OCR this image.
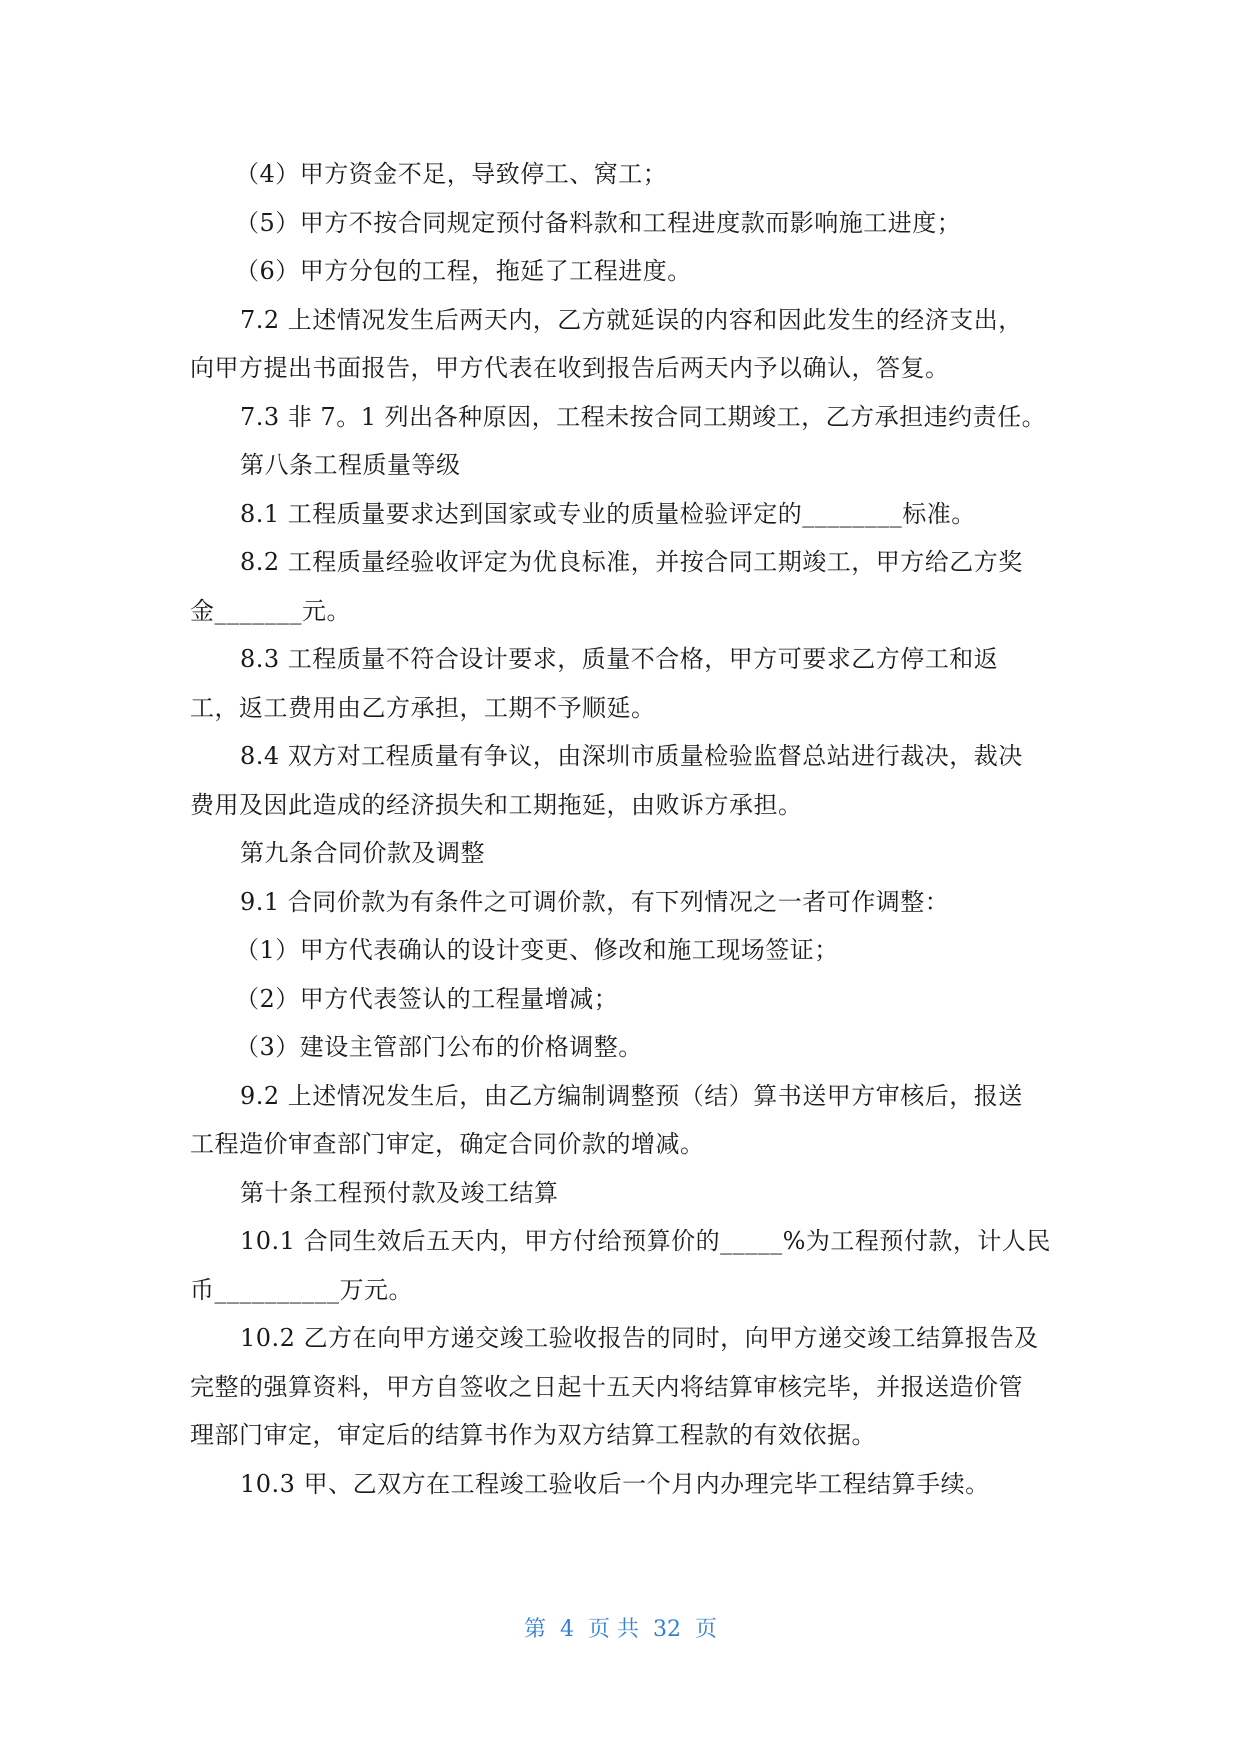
（4）甲方资金不足，导致停工、窝工；

（5）甲方不按合同规定预付备料款和工程进度款而影响施工进度；

（6）甲方分包的工程，拖延了工程进度。

7.2 上述情况发生后两天内，乙方就延误的内容和因此发生的经济支出，

向甲方提出书面报告，甲方代表在收到报告后两天内予以确认，答复。

7.3 非 7。1 列出各种原因，工程未按合同工期竣工，乙方承担违约责任。

第八条工程质量等级

8.1 工程质量要求达到国家或专业的质量检验评定的________标准。

8.2 工程质量经验收评定为优良标准，并按合同工期竣工，甲方给乙方奖

金_______元。

8.3 工程质量不符合设计要求，质量不合格，甲方可要求乙方停工和返

工，返工费用由乙方承担，工期不予顺延。

8.4 双方对工程质量有争议，由深圳市质量检验监督总站进行裁决，裁决

费用及因此造成的经济损失和工期拖延，由败诉方承担。

第九条合同价款及调整

9.1 合同价款为有条件之可调价款，有下列情况之一者可作调整：

（1）甲方代表确认的设计变更、修改和施工现场签证；

（2）甲方代表签认的工程量增减；

（3）建设主管部门公布的价格调整。

9.2 上述情况发生后，由乙方编制调整预（结）算书送甲方审核后，报送

工程造价审查部门审定，确定合同价款的增减。

第十条工程预付款及竣工结算

10.1 合同生效后五天内，甲方付给预算价的_____%为工程预付款，计人民

币__________万元。

10.2 乙方在向甲方递交竣工验收报告的同时，向甲方递交竣工结算报告及

完整的强算资料，甲方自签收之日起十五天内将结算审核完毕，并报送造价管

理部门审定，审定后的结算书作为双方结算工程款的有效依据。

10.3 甲、乙双方在工程竣工验收后一个月内办理完毕工程结算手续。

第  4  页 共  32  页
